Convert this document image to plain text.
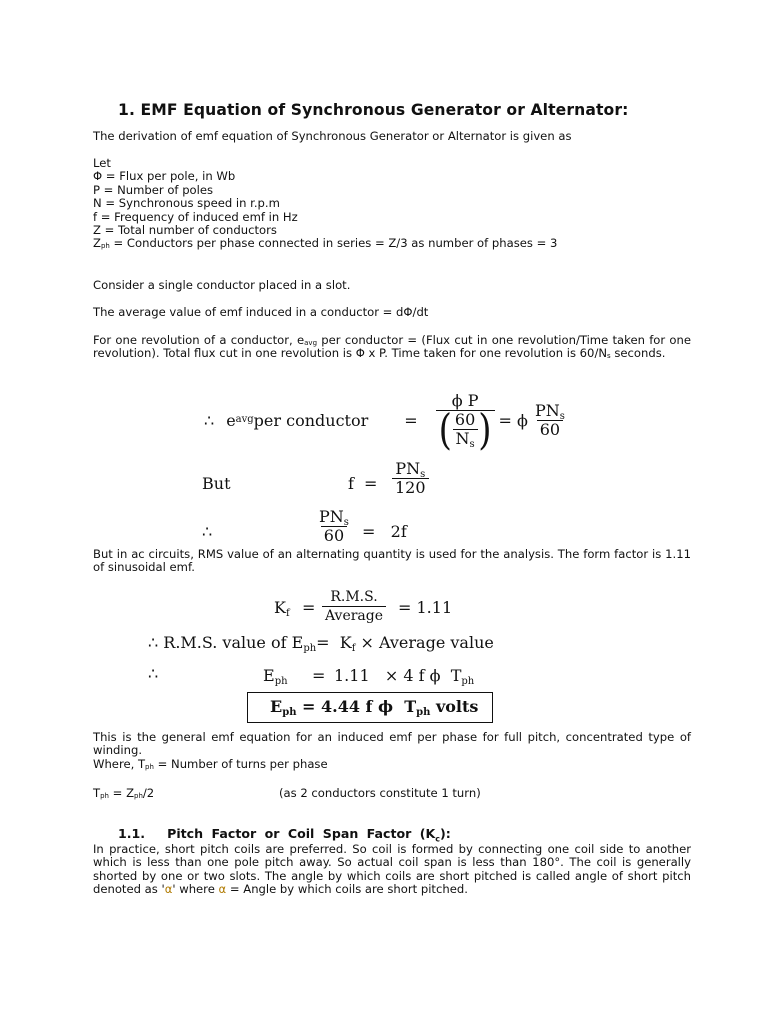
1. EMF Equation of Synchronous Generator or Alternator:
The derivation of emf equation of Synchronous Generator or Alternator is given as
Let
Φ = Flux per pole, in Wb
P = Number of poles
N = Synchronous speed in r.p.m
f = Frequency of induced emf in Hz
Z = Total number of conductors
$Z_{ph}$ = Conductors per phase connected in series = Z/3 as number of phases = 3
Consider a single conductor placed in a slot.
The average value of emf induced in a conductor = dΦ/dt
For one revolution of a conductor, $e_{avg}$ per conductor = (Flux cut in one revolution/Time taken for one revolution). Total flux cut in one revolution is Φ x P. Time taken for one revolution is $60/N_s$ seconds.
∴ e avg per conductor = $\frac{\text{ϕ P}}{( \frac{60}{N_s} )} = \phi \frac{PN_s}{60}$
But	f =
$PN_s$
120
∴
$PN_s$
60 =   2f
But in ac circuits, RMS value of an alternating quantity is used for the analysis. The form factor is 1.11 of sinusoidal emf.
$K_f$ =
R.M.S.
Average = 1.11
∴ R.M.S. value of $E_{ph}= K_f$ × Average value
∴	$E_{ph} = 1.11 \times 4$ f ϕ  $T_{ph}$
$E_{ph} = 4.44$ f ϕ  $T_{ph}$ volts
This is the general emf equation for an induced emf per phase for full pitch, concentrated type of winding.
Where, $T_{ph}$ = Number of turns per phase
$T_{ph} = Z_{ph}/2$	(as 2 conductors constitute 1 turn)
1.1. Pitch Factor or Coil Span Factor $(K_c)$:
In practice, short pitch coils are preferred. So coil is formed by connecting one coil side to another which is less than one pole pitch away. So actual coil span is less than 180°. The coil is generally shorted by one or two slots. The angle by which coils are short pitched is called angle of short pitch denoted as 'α' where α = Angle by which coils are short pitched.
